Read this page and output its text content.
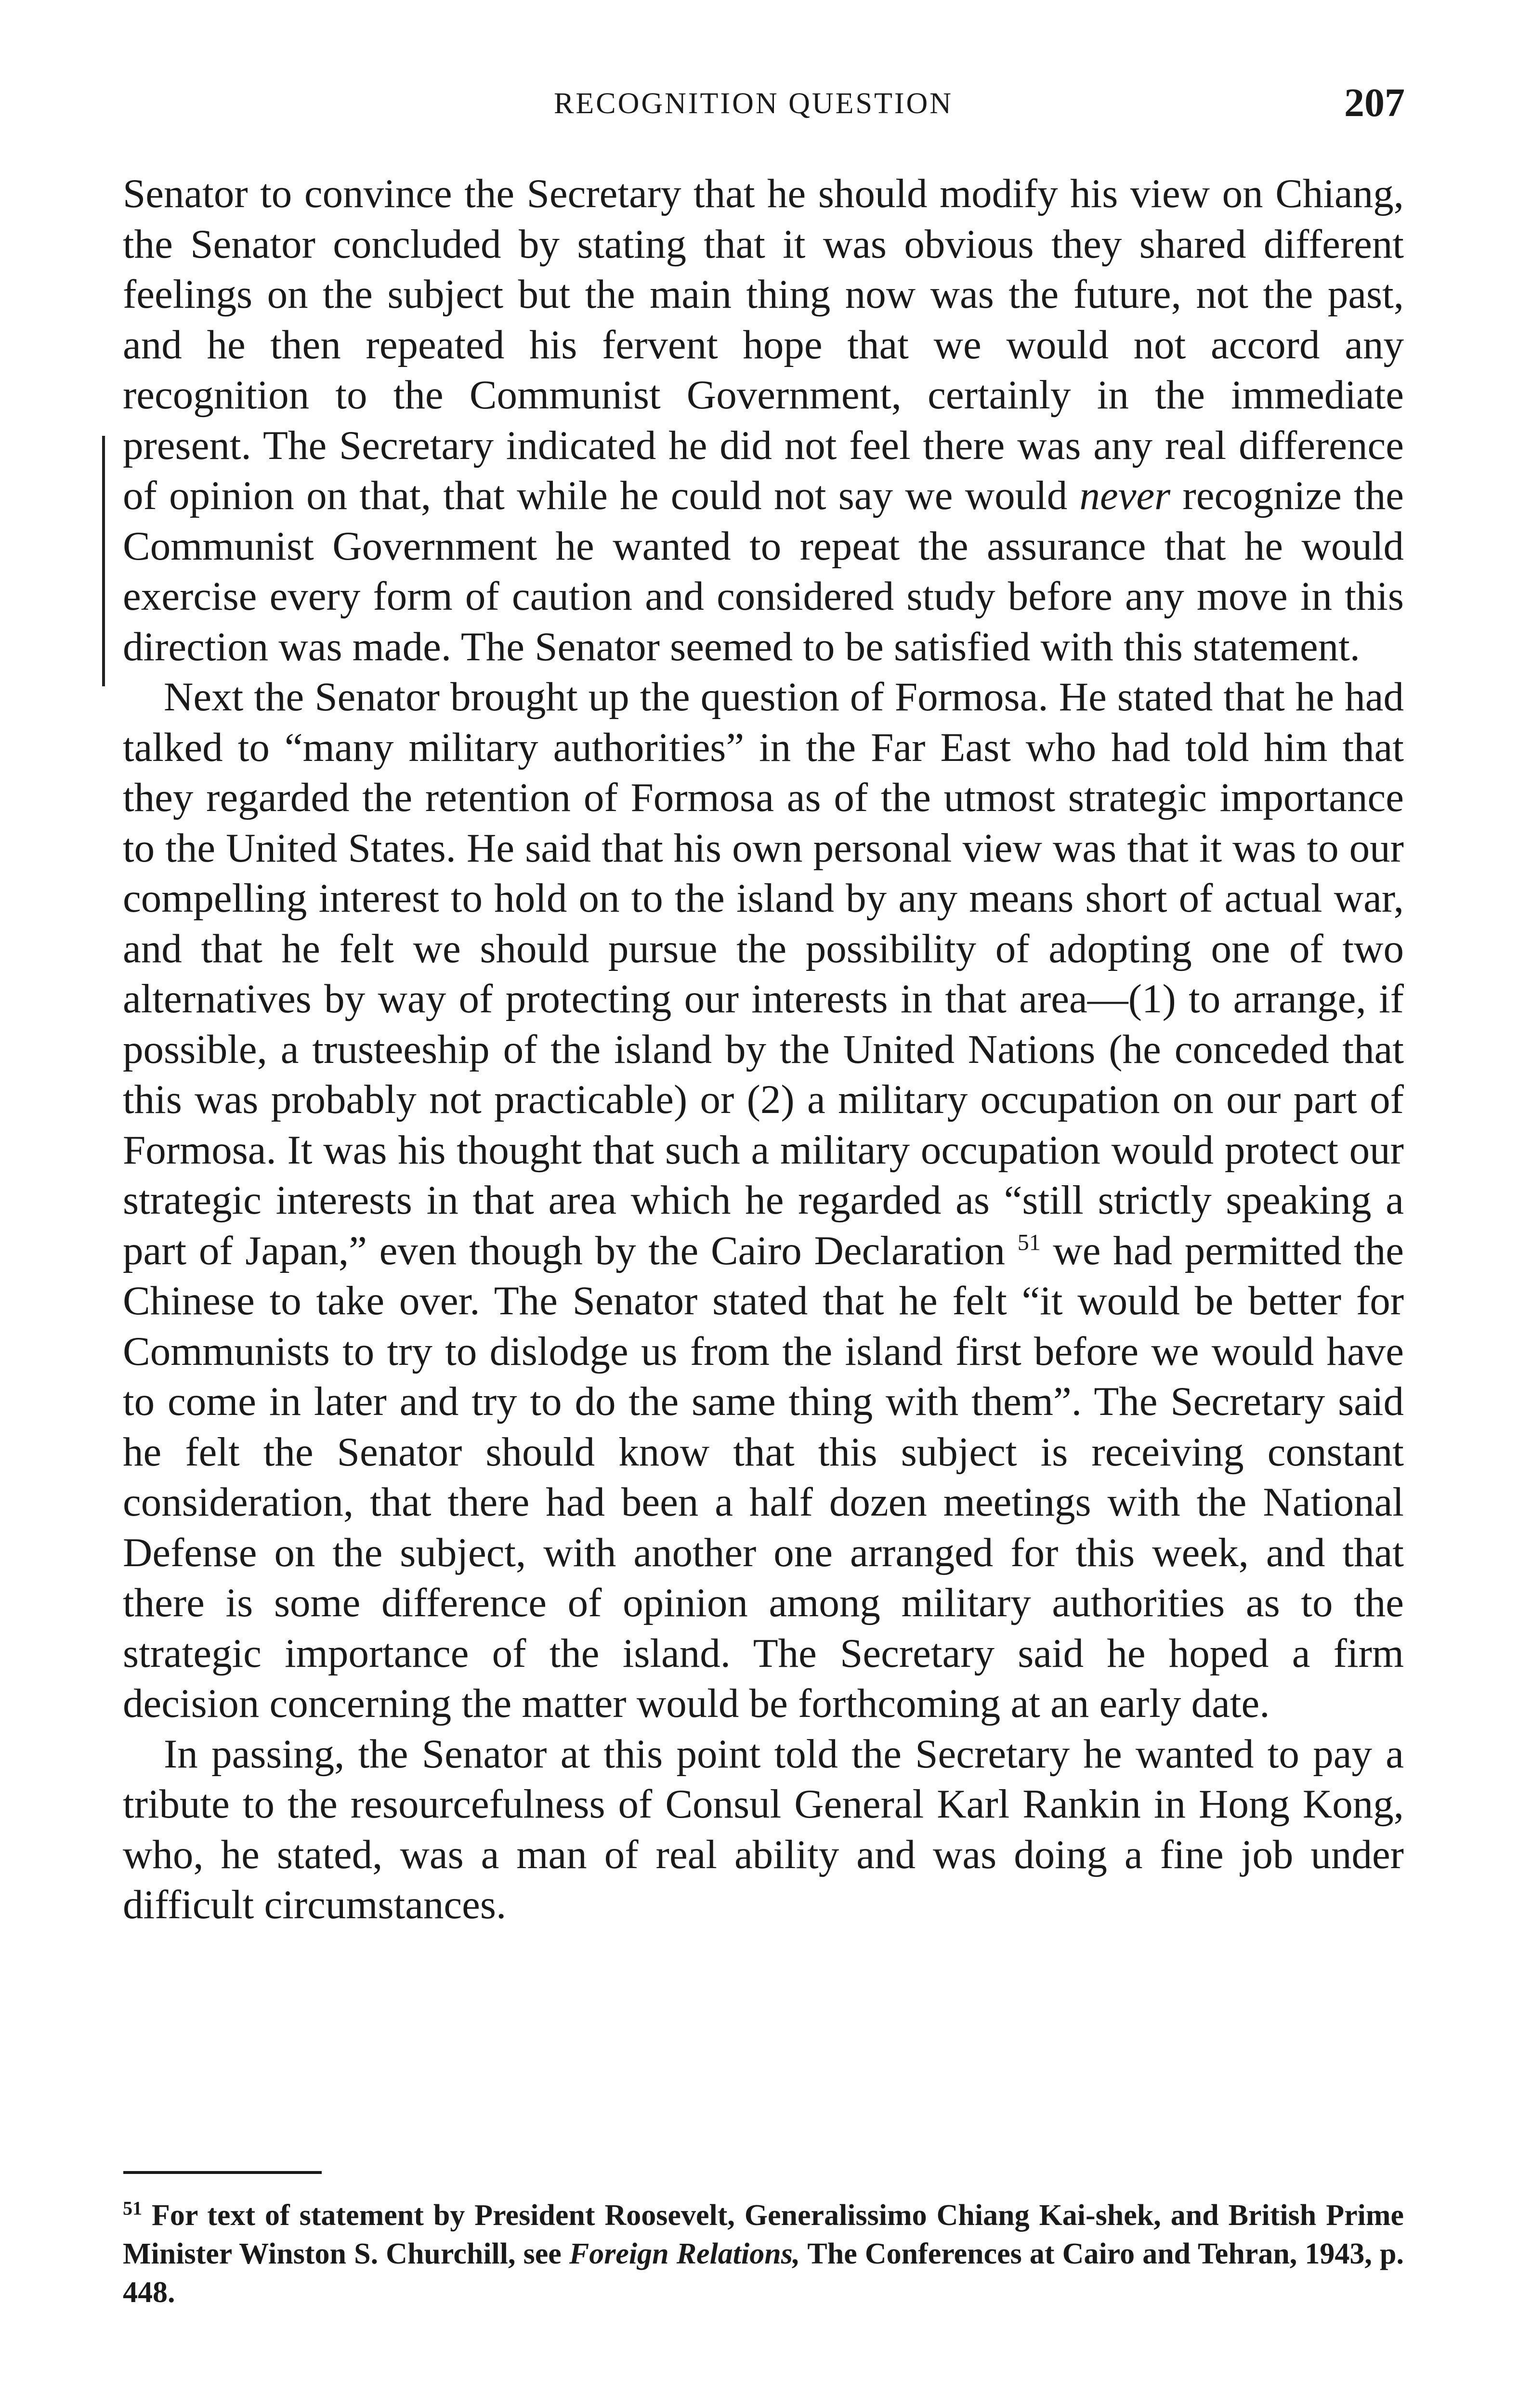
RECOGNITION QUESTION	207

Senator to convince the Secretary that he should modify his view on Chiang, the Senator concluded by stating that it was obvious they shared different feelings on the subject but the main thing now was the future, not the past, and he then repeated his fervent hope that we would not accord any recognition to the Communist Government, certainly in the immediate present. The Secretary indicated he did not feel there was any real difference of opinion on that, that while he could not say we would never recognize the Communist Government he wanted to repeat the assurance that he would exercise every form of caution and considered study before any move in this direction was made. The Senator seemed to be satisfied with this statement.

Next the Senator brought up the question of Formosa. He stated that he had talked to “many military authorities” in the Far East who had told him that they regarded the retention of Formosa as of the utmost strategic importance to the United States. He said that his own personal view was that it was to our compelling interest to hold on to the island by any means short of actual war, and that he felt we should pursue the possibility of adopting one of two alternatives by way of protecting our interests in that area—(1) to arrange, if possible, a trusteeship of the island by the United Nations (he conceded that this was probably not practicable) or (2) a military occupation on our part of Formosa. It was his thought that such a military occupation would protect our strategic interests in that area which he regarded as “still strictly speaking a part of Japan,” even though by the Cairo Declaration $^{51}$ we had permitted the Chinese to take over. The Senator stated that he felt “it would be better for Communists to try to dislodge us from the island first before we would have to come in later and try to do the same thing with them”. The Secretary said he felt the Senator should know that this subject is receiving constant consideration, that there had been a half dozen meetings with the National Defense on the subject, with another one arranged for this week, and that there is some difference of opinion among military authorities as to the strategic importance of the island. The Secretary said he hoped a firm decision concerning the matter would be forthcoming at an early date.

In passing, the Senator at this point told the Secretary he wanted to pay a tribute to the resourcefulness of Consul General Karl Rankin in Hong Kong, who, he stated, was a man of real ability and was doing a fine job under difficult circumstances.

$^{51}$ For text of statement by President Roosevelt, Generalissimo Chiang Kai-shek, and British Prime Minister Winston S. Churchill, see Foreign Relations, The Conferences at Cairo and Tehran, 1943, p. 448.
